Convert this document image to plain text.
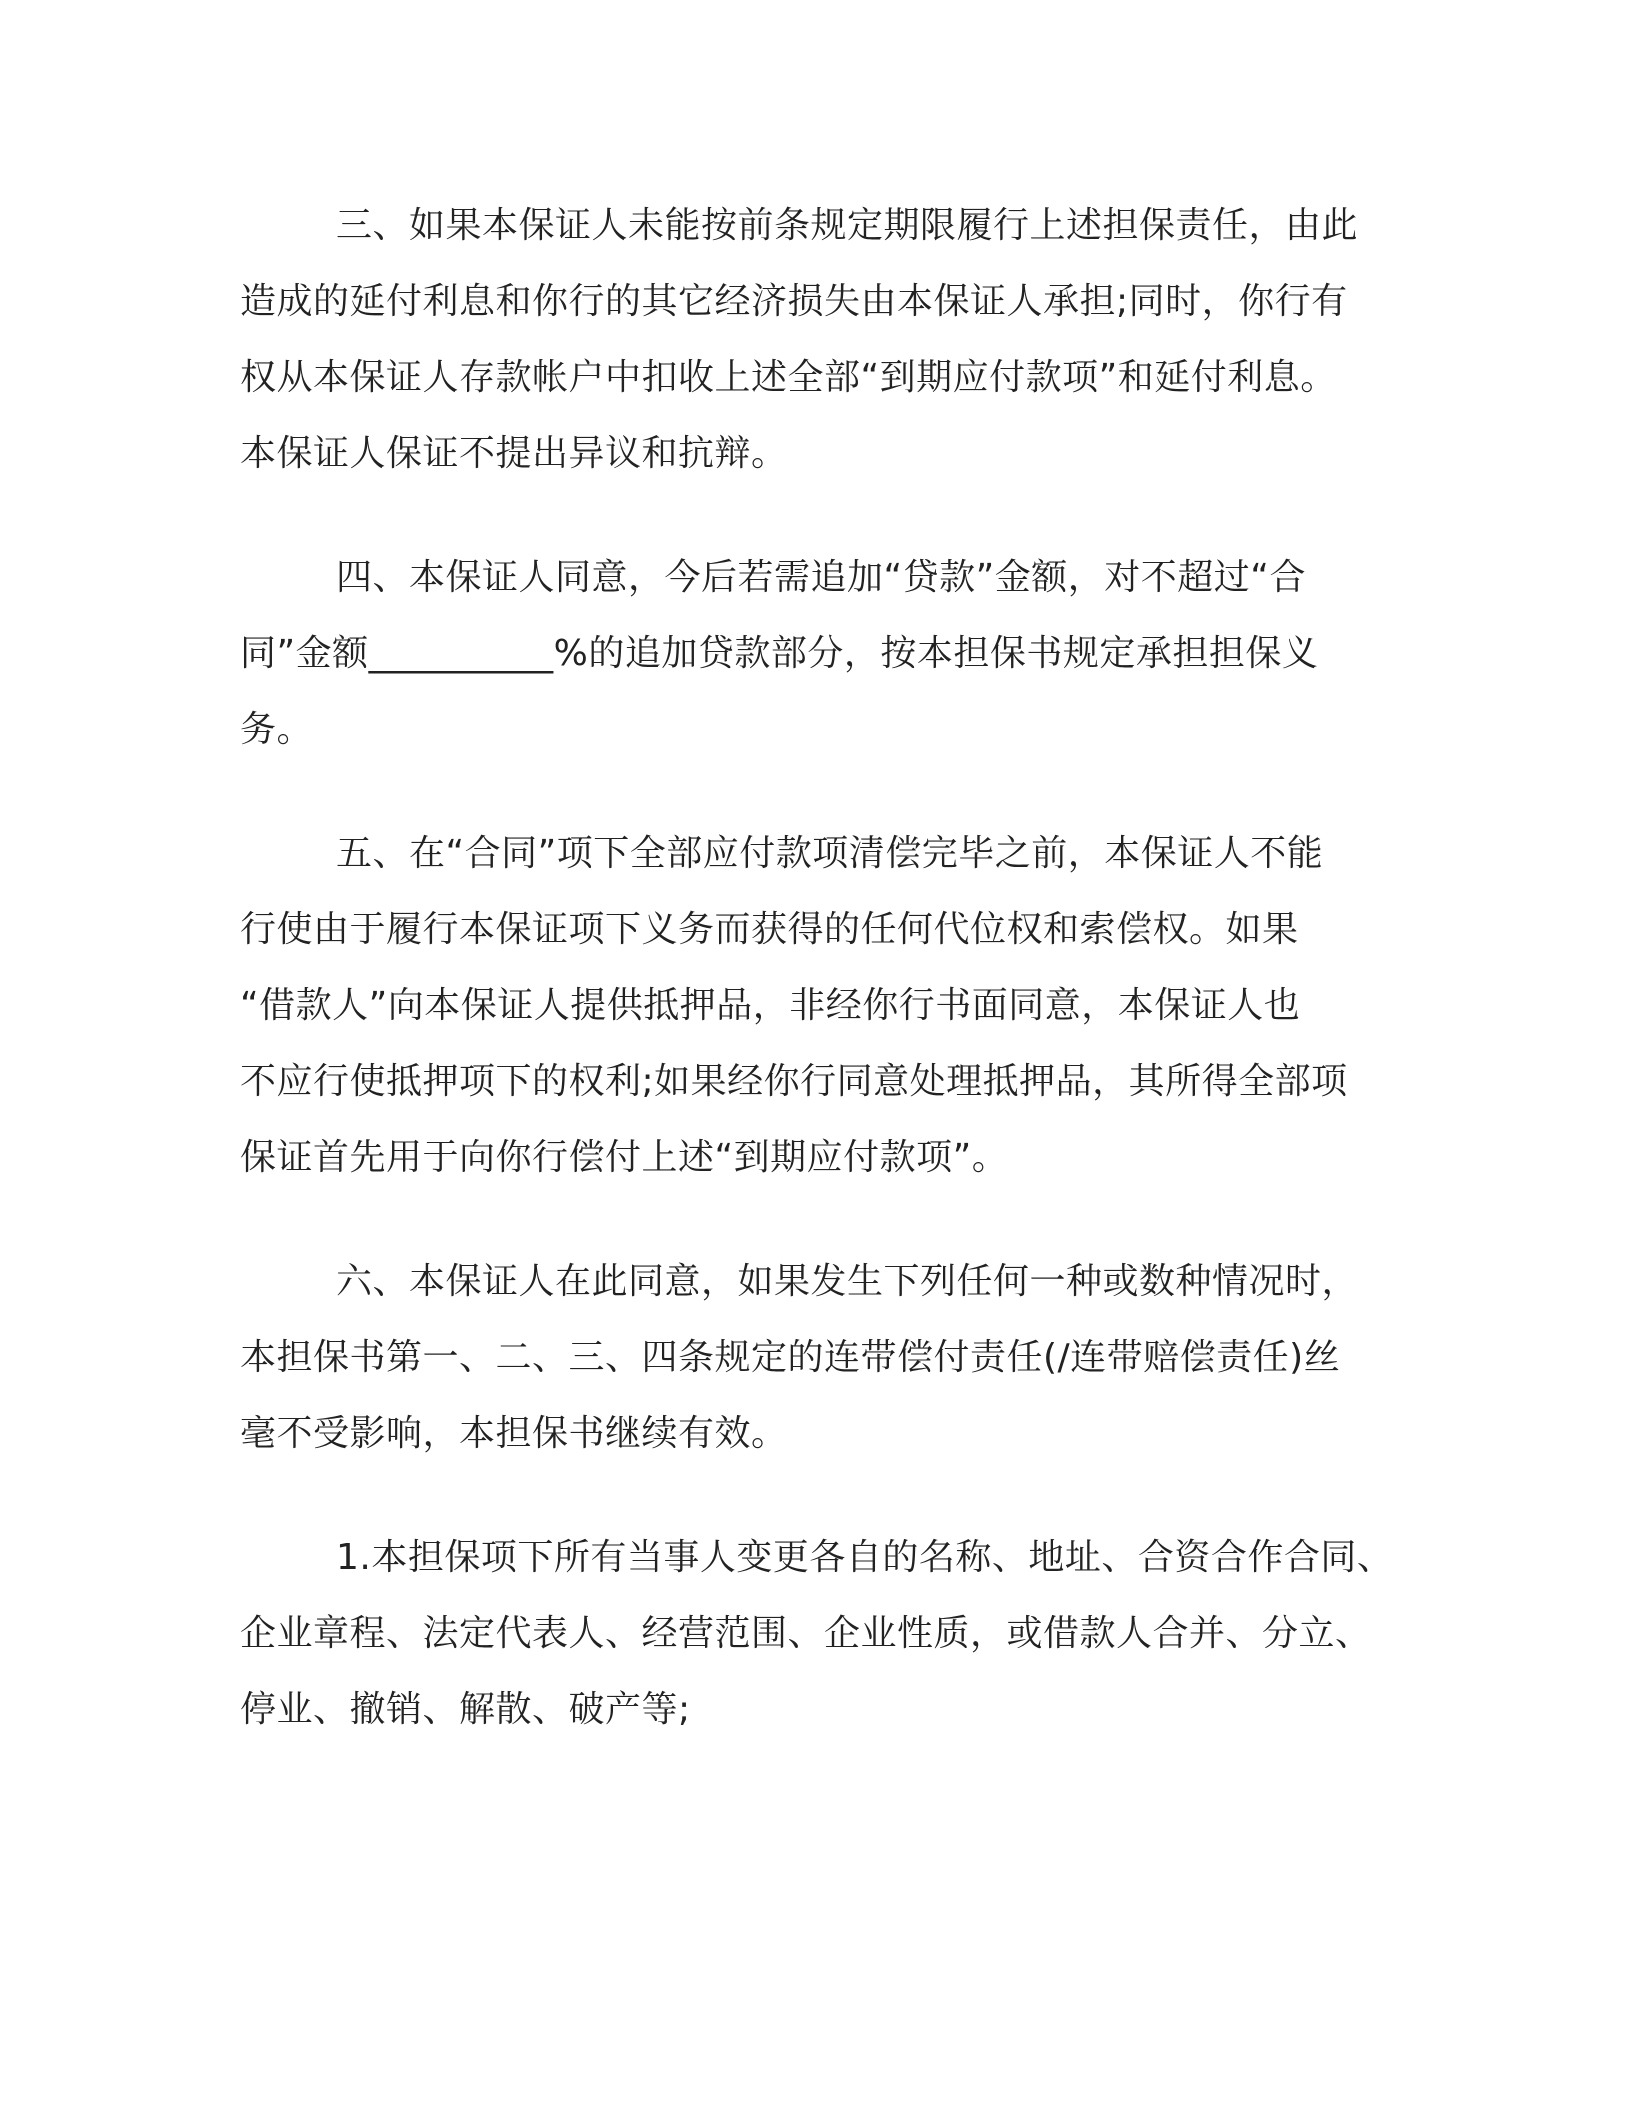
三、如果本保证人未能按前条规定期限履行上述担保责任，由此
造成的延付利息和你行的其它经济损失由本保证人承担;同时，你行有
权从本保证人存款帐户中扣收上述全部“到期应付款项”和延付利息。
本保证人保证不提出异议和抗辩。
四、本保证人同意，今后若需追加“贷款”金额，对不超过“合
同”金额__________%的追加贷款部分，按本担保书规定承担担保义
务。
五、在“合同”项下全部应付款项清偿完毕之前，本保证人不能
行使由于履行本保证项下义务而获得的任何代位权和索偿权。如果
“借款人”向本保证人提供抵押品，非经你行书面同意，本保证人也
不应行使抵押项下的权利;如果经你行同意处理抵押品，其所得全部项
保证首先用于向你行偿付上述“到期应付款项”。
六、本保证人在此同意，如果发生下列任何一种或数种情况时，
本担保书第一、二、三、四条规定的连带偿付责任(/连带赔偿责任)丝
毫不受影响，本担保书继续有效。
1.本担保项下所有当事人变更各自的名称、地址、合资合作合同、
企业章程、法定代表人、经营范围、企业性质，或借款人合并、分立、
停业、撤销、解散、破产等;
